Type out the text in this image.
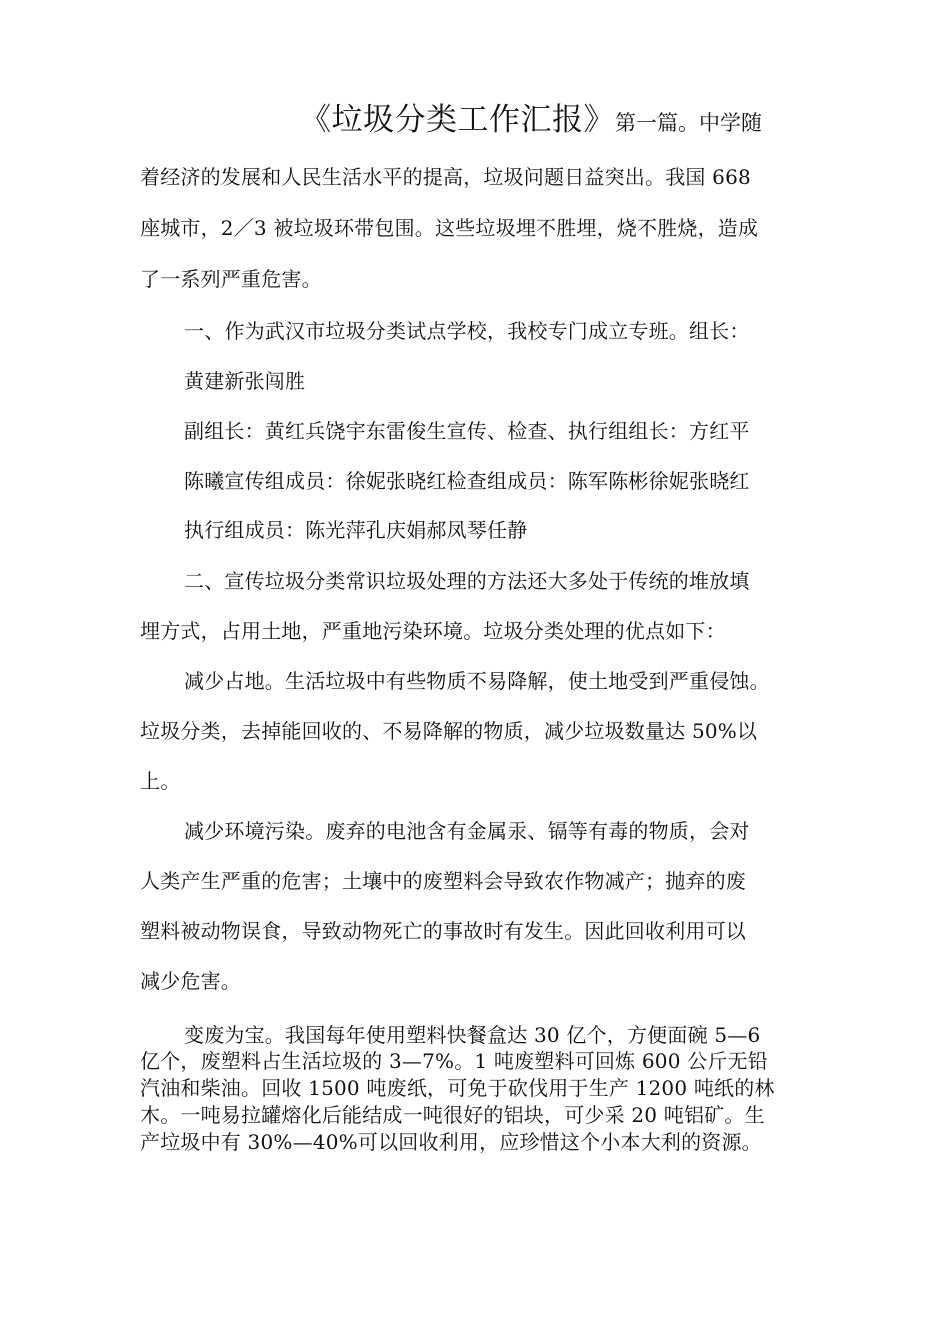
《垃圾分类工作汇报》第一篇。中学随
着经济的发展和人民生活水平的提高，垃圾问题日益突出。我国 668
座城市，2／3 被垃圾环带包围。这些垃圾埋不胜埋，烧不胜烧，造成
了一系列严重危害。
一、作为武汉市垃圾分类试点学校，我校专门成立专班。组长：
黄建新张闯胜
副组长：黄红兵饶宇东雷俊生宣传、检查、执行组组长：方红平
陈曦宣传组成员：徐妮张晓红检查组成员：陈军陈彬徐妮张晓红
执行组成员：陈光萍孔庆娟郝凤琴任静
二、宣传垃圾分类常识垃圾处理的方法还大多处于传统的堆放填
埋方式，占用土地，严重地污染环境。垃圾分类处理的优点如下：
减少占地。生活垃圾中有些物质不易降解，使土地受到严重侵蚀。
垃圾分类，去掉能回收的、不易降解的物质，减少垃圾数量达 50%以
上。
减少环境污染。废弃的电池含有金属汞、镉等有毒的物质，会对
人类产生严重的危害；土壤中的废塑料会导致农作物减产；抛弃的废
塑料被动物误食，导致动物死亡的事故时有发生。因此回收利用可以
减少危害。
变废为宝。我国每年使用塑料快餐盒达 30 亿个，方便面碗 5—6
亿个，废塑料占生活垃圾的 3—7%。1 吨废塑料可回炼 600 公斤无铅
汽油和柴油。回收 1500 吨废纸，可免于砍伐用于生产 1200 吨纸的林
木。一吨易拉罐熔化后能结成一吨很好的铝块，可少采 20 吨铝矿。生
产垃圾中有 30%—40%可以回收利用，应珍惜这个小本大利的资源。
